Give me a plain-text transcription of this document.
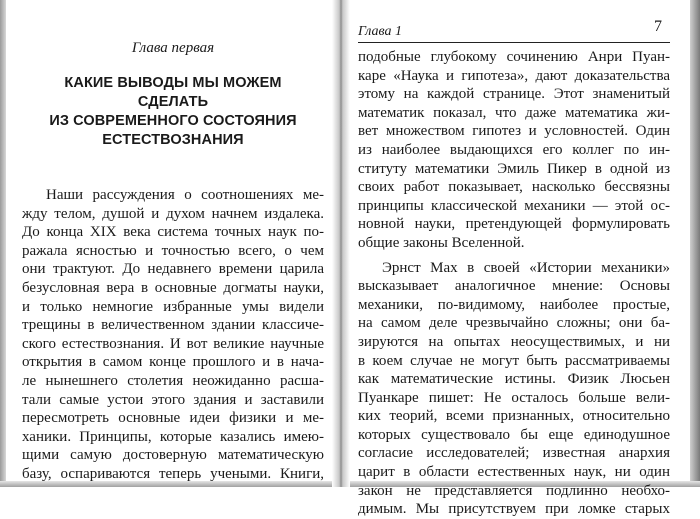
Глава первая
КАКИЕ ВЫВОДЫ МЫ МОЖЕМ СДЕЛАТЬ
ИЗ СОВРЕМЕННОГО СОСТОЯНИЯ
ЕСТЕСТВОЗНАНИЯ
Наши рассуждения о соотношениях ме-
жду телом, душой и духом начнем издалека.
До конца XIX века система точных наук по-
ражала ясностью и точностью всего, о чем
они трактуют. До недавнего времени царила
безусловная вера в основные догматы науки,
и только немногие избранные умы видели
трещины в величественном здании классиче-
ского естествознания. И вот великие научные
открытия в самом конце прошлого и в нача-
ле нынешнего столетия неожиданно расша-
тали самые устои этого здания и заставили
пересмотреть основные идеи физики и ме-
ханики. Принципы, которые казались имею-
щими самую достоверную математическую
базу, оспариваются теперь учеными. Книги,
Глава 1	7
подобные глубокому сочинению Анри Пуан-
каре «Наука и гипотеза», дают доказательства
этому на каждой странице. Этот знаменитый
математик показал, что даже математика жи-
вет множеством гипотез и условностей. Один
из наиболее выдающихся его коллег по ин-
ституту математики Эмиль Пикер в одной из
своих работ показывает, насколько бессвязны
принципы классической механики — этой ос-
новной науки, претендующей формулировать
общие законы Вселенной.
Эрнст Мах в своей «Истории механики»
высказывает аналогичное мнение: Основы
механики, по-видимому, наиболее простые,
на самом деле чрезвычайно сложны; они ба-
зируются на опытах неосуществимых, и ни
в коем случае не могут быть рассматриваемы
как математические истины. Физик Люсьен
Пуанкаре пишет: Не осталось больше вели-
ких теорий, всеми признанных, относительно
которых существовало бы еще единодушное
согласие исследователей; известная анархия
царит в области естественных наук, ни один
закон не представляется подлинно необхо-
димым. Мы присутствуем при ломке старых
